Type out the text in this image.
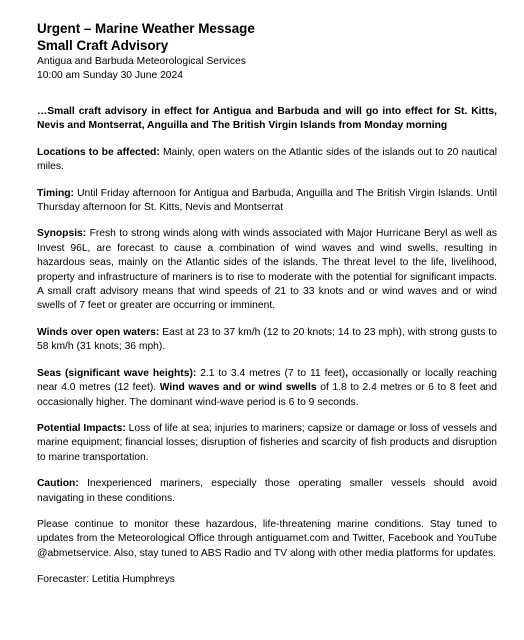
Urgent – Marine Weather Message
Small Craft Advisory
Antigua and Barbuda Meteorological Services
10:00 am Sunday 30 June 2024

…Small craft advisory in effect for Antigua and Barbuda and will go into effect for St. Kitts, Nevis and Montserrat, Anguilla and The British Virgin Islands from Monday morning

Locations to be affected: Mainly, open waters on the Atlantic sides of the islands out to 20 nautical miles.

Timing: Until Friday afternoon for Antigua and Barbuda, Anguilla and The British Virgin Islands. Until Thursday afternoon for St. Kitts, Nevis and Montserrat

Synopsis: Fresh to strong winds along with winds associated with Major Hurricane Beryl as well as Invest 96L, are forecast to cause a combination of wind waves and wind swells, resulting in hazardous seas, mainly on the Atlantic sides of the islands. The threat level to the life, livelihood, property and infrastructure of mariners is to rise to moderate with the potential for significant impacts. A small craft advisory means that wind speeds of 21 to 33 knots and or wind waves and or wind swells of 7 feet or greater are occurring or imminent.

Winds over open waters: East at 23 to 37 km/h (12 to 20 knots; 14 to 23 mph), with strong gusts to 58 km/h (31 knots; 36 mph).

Seas (significant wave heights): 2.1 to 3.4 metres (7 to 11 feet), occasionally or locally reaching near 4.0 metres (12 feet). Wind waves and or wind swells of 1.8 to 2.4 metres or 6 to 8 feet and occasionally higher. The dominant wind-wave period is 6 to 9 seconds.

Potential Impacts: Loss of life at sea; injuries to mariners; capsize or damage or loss of vessels and marine equipment; financial losses; disruption of fisheries and scarcity of fish products and disruption to marine transportation.

Caution: Inexperienced mariners, especially those operating smaller vessels should avoid navigating in these conditions.

Please continue to monitor these hazardous, life-threatening marine conditions. Stay tuned to updates from the Meteorological Office through antiguamet.com and Twitter, Facebook and YouTube @abmetservice. Also, stay tuned to ABS Radio and TV along with other media platforms for updates.

Forecaster: Letitia Humphreys
